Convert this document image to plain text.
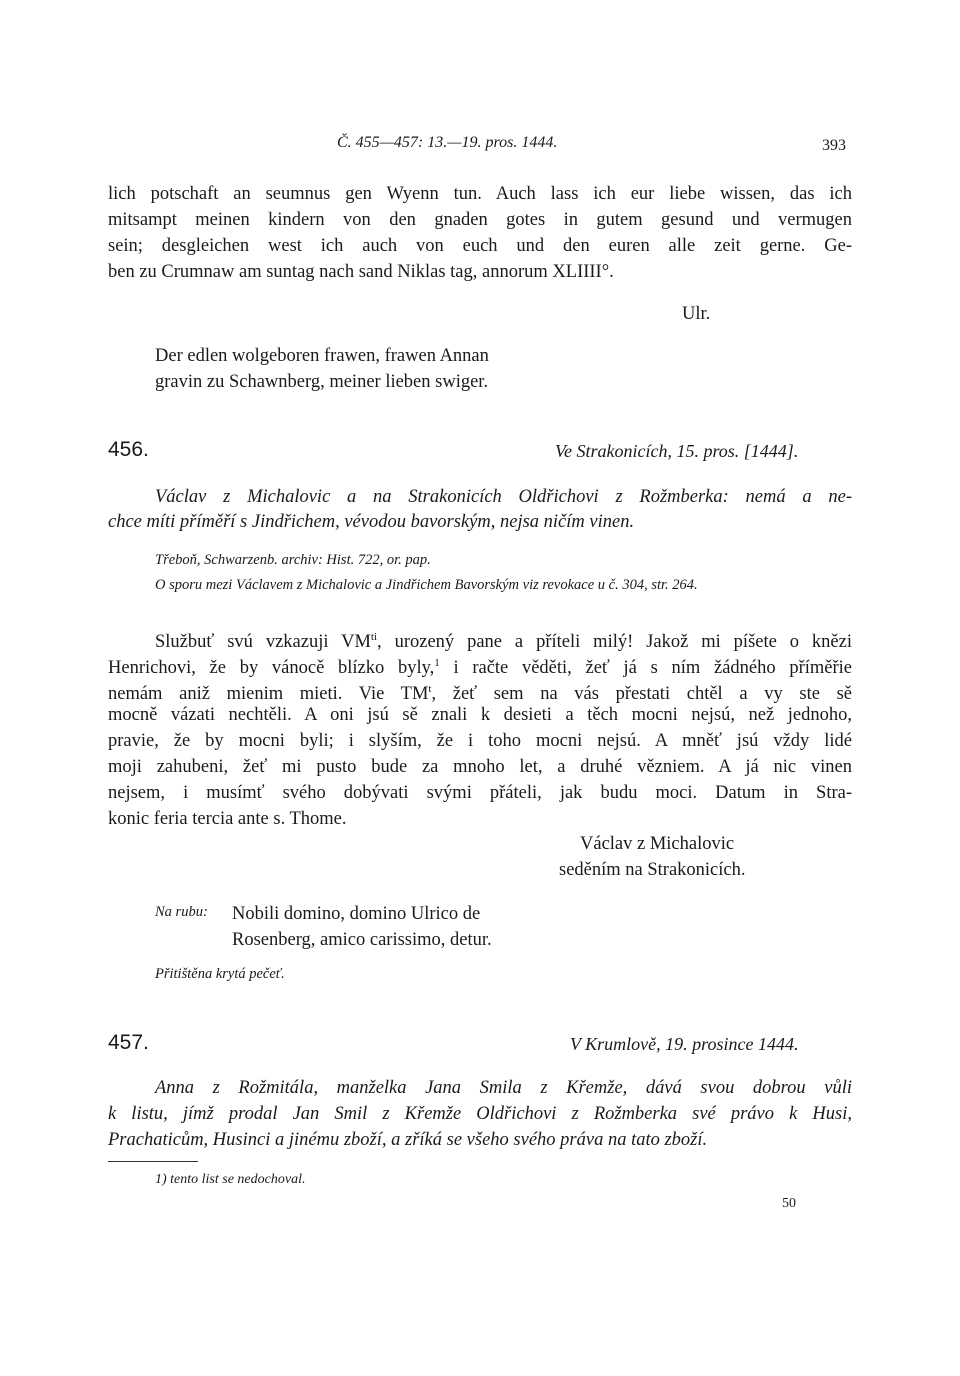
Č. 455—457: 13.—19. pros. 1444.	393
lich potschaft an seumnus gen Wyenn tun. Auch lass ich eur liebe wissen, das ich
mitsampt meinen kindern von den gnaden gotes in gutem gesund und vermugen
sein; desgleichen west ich auch von euch und den euren alle zeit gerne. Ge-
ben zu Crumnaw am suntag nach sand Niklas tag, annorum XLIIII°.
Ulr.
Der edlen wolgeboren frawen, frawen Annan
gravin zu Schawnberg, meiner lieben swiger.
456.	Ve Strakonicích, 15. pros. [1444].
Václav z Michalovic a na Strakonicích Oldřichovi z Rožmberka: nemá a ne-
chce míti příměří s Jindřichem, vévodou bavorským, nejsa ničím vinen.
Třeboň, Schwarzenb. archiv: Hist. 722, or. pap.
O sporu mezi Václavem z Michalovic a Jindřichem Bavorským viz revokace u č. 304, str. 264.
Službuť svú vzkazuji $VM^{ti}$, urozený pane a příteli milý! Jakož mi píšete o knězi
Henrichovi, že by vánocě blízko byly,$^1$ i račte věděti, žeť já s ním žádného příměřie
nemám aniž mienim mieti. Vie $TM^t$, žeť sem na vás přestati chtěl a vy ste sě
mocně vázati nechtěli. A oni jsú sě znali k desieti a těch mocni nejsú, než jednoho,
pravie, že by mocni byli; i slyším, že i toho mocni nejsú. A mněť jsú vždy lidé
moji zahubeni, žeť mi pusto bude za mnoho let, a druhé vězniem. A já nic vinen
nejsem, i musímť svého dobývati svými přáteli, jak budu moci. Datum in Stra-
konic feria tercia ante s. Thome.
Václav z Michalovic
seděním na Strakonicích.
Na rubu: Nobili domino, domino Ulrico de
Rosenberg, amico carissimo, detur.
Přitištěna krytá pečeť.
457.	V Krumlově, 19. prosince 1444.
Anna z Rožmitála, manželka Jana Smila z Křemže, dává svou dobrou vůli
k listu, jímž prodal Jan Smil z Křemže Oldřichovi z Rožmberka své právo k Husi,
Prachaticům, Husinci a jinému zboží, a zříká se všeho svého práva na tato zboží.
1) tento list se nedochoval.
50
